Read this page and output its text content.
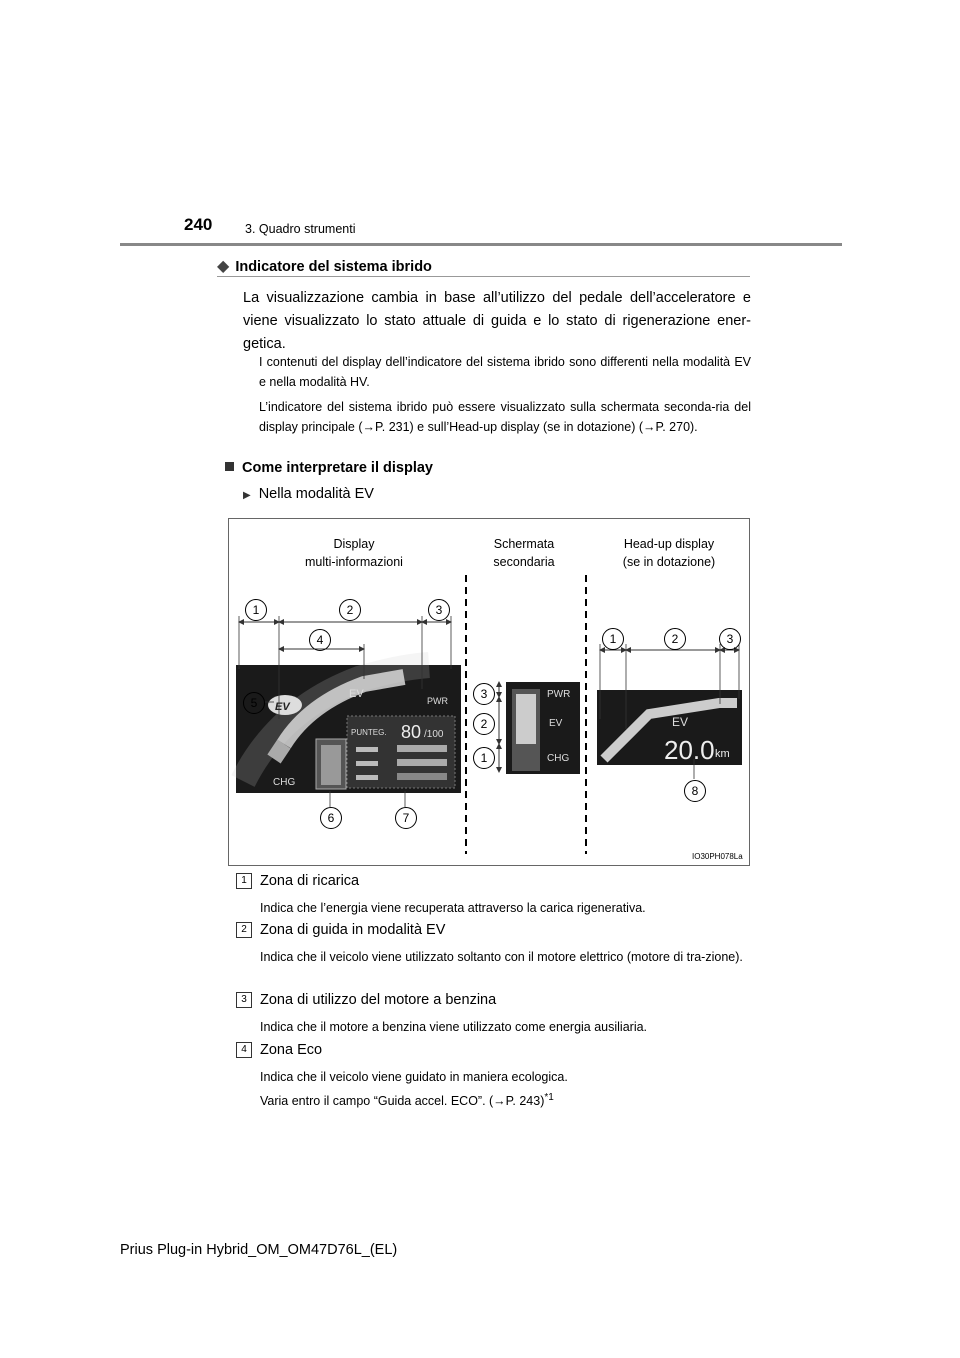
240	3. Quadro strumenti
◆ Indicatore del sistema ibrido
La visualizzazione cambia in base all’utilizzo del pedale dell’acceleratore e viene visualizzato lo stato attuale di guida e lo stato di rigenerazione ener-getica.
I contenuti del display dell’indicatore del sistema ibrido sono differenti nella modalità EV e nella modalità HV.
L’indicatore del sistema ibrido può essere visualizzato sulla schermata seconda-ria del display principale (→P. 231) e sull’Head-up display (se in dotazione) (→P. 270).
Come interpretare il display
▶ Nella modalità EV
Display
multi-informazioni
Schermata
secondaria
Head-up display
(se in dotazione)
EV
PWR
CHG
EV
PUNTEG. 80 /100
PWR
EV
CHG
EV
20.0 km
IO30PH078La
1	2	3
4
5
6	7
3
2
1
1	2	3
8
1 Zona di ricarica
Indica che l’energia viene recuperata attraverso la carica rigenerativa.
2 Zona di guida in modalità EV
Indica che il veicolo viene utilizzato soltanto con il motore elettrico (motore di tra-zione).
3 Zona di utilizzo del motore a benzina
Indica che il motore a benzina viene utilizzato come energia ausiliaria.
4 Zona Eco
Indica che il veicolo viene guidato in maniera ecologica.
Varia entro il campo “Guida accel. ECO”. (→P. 243)$^{*1}$
Prius Plug-in Hybrid_OM_OM47D76L_(EL)
